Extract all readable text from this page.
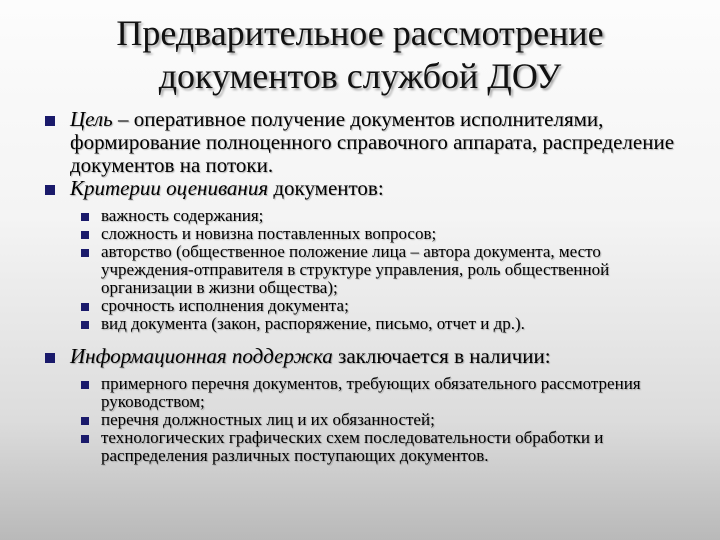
Предварительное рассмотрение
документов службой ДОУ
Цель – оперативное получение документов исполнителями, формирование полноценного справочного аппарата, распределение документов на потоки.
Критерии оценивания документов:
важность содержания;
сложность и новизна поставленных вопросов;
авторство (общественное положение лица – автора документа, место учреждения-отправителя в структуре управления, роль общественной организации в жизни общества);
срочность исполнения документа;
вид документа (закон, распоряжение, письмо, отчет и др.).
Информационная поддержка заключается в наличии:
примерного перечня документов, требующих обязательного рассмотрения руководством;
перечня должностных лиц и их обязанностей;
технологических графических схем последовательности обработки и распределения различных поступающих документов.
